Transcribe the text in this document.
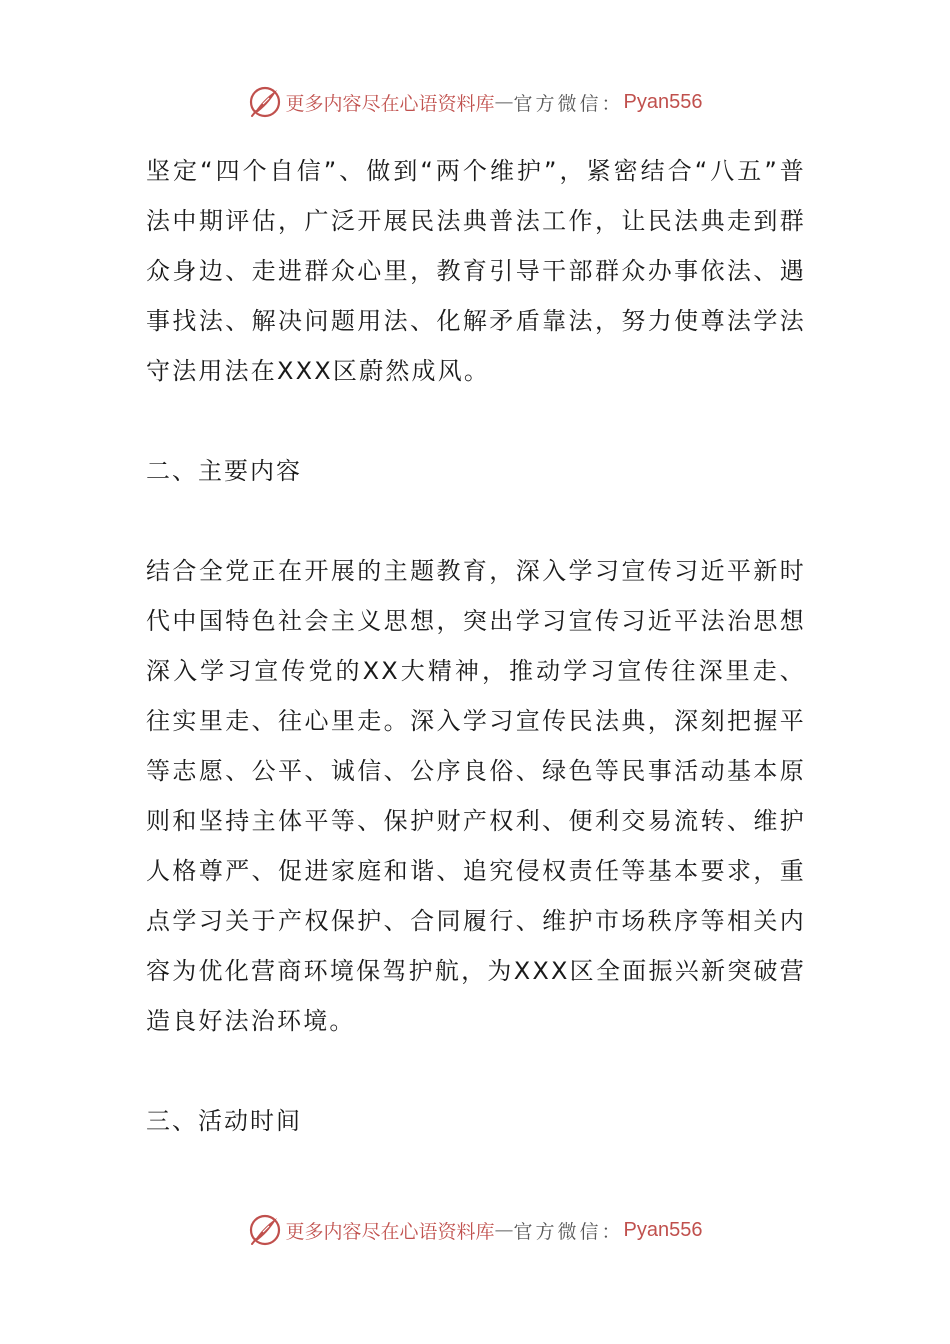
更多内容尽在心语资料库 — 官方微信： Pyan556

坚定“四个自信”、做到“两个维护”，紧密结合“八五”普法中期评估，广泛开展民法典普法工作，让民法典走到群众身边、走进群众心里，教育引导干部群众办事依法、遇事找法、解决问题用法、化解矛盾靠法，努力使尊法学法守法用法在XXX区蔚然成风。

二、主要内容

结合全党正在开展的主题教育，深入学习宣传习近平新时代中国特色社会主义思想，突出学习宣传习近平法治思想深入学习宣传党的XX大精神，推动学习宣传往深里走、往实里走、往心里走。深入学习宣传民法典，深刻把握平等志愿、公平、诚信、公序良俗、绿色等民事活动基本原则和坚持主体平等、保护财产权利、便利交易流转、维护人格尊严、促进家庭和谐、追究侵权责任等基本要求，重点学习关于产权保护、合同履行、维护市场秩序等相关内容为优化营商环境保驾护航，为XXX区全面振兴新突破营造良好法治环境。

三、活动时间

更多内容尽在心语资料库 — 官方微信： Pyan556
